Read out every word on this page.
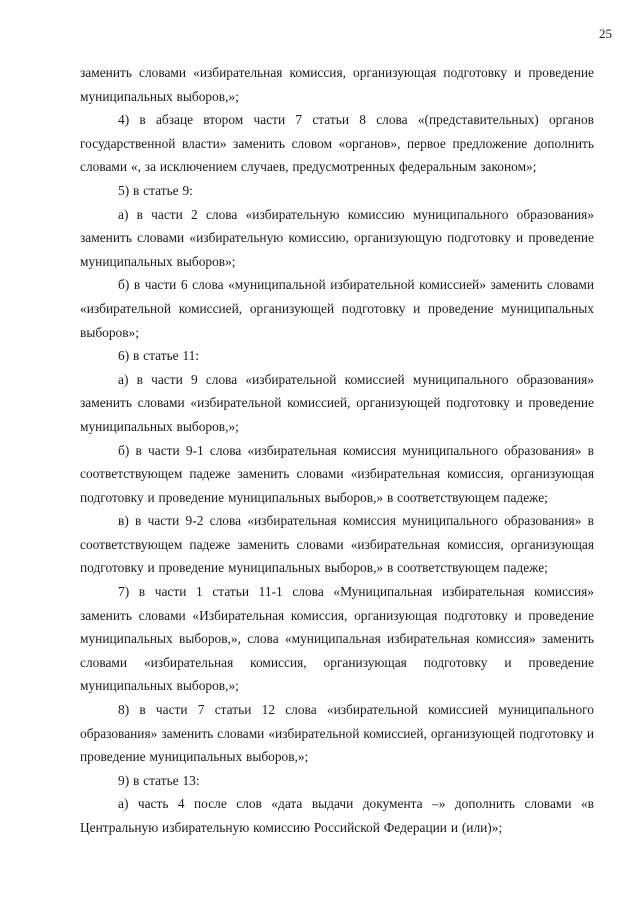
25

заменить словами «избирательная комиссия, организующая подготовку и проведение муниципальных выборов,»;

4) в абзаце втором части 7 статьи 8 слова «(представительных) органов государственной власти» заменить словом «органов», первое предложение дополнить словами «, за исключением случаев, предусмотренных федеральным законом»;

5) в статье 9:

а) в части 2 слова «избирательную комиссию муниципального образования» заменить словами «избирательную комиссию, организующую подготовку и проведение муниципальных выборов»;

б) в части 6 слова «муниципальной избирательной комиссией» заменить словами «избирательной комиссией, организующей подготовку и проведение муниципальных выборов»;

6) в статье 11:

а) в части 9 слова «избирательной комиссией муниципального образования» заменить словами «избирательной комиссией, организующей подготовку и проведение муниципальных выборов,»;

б) в части 9-1 слова «избирательная комиссия муниципального образования» в соответствующем падеже заменить словами «избирательная комиссия, организующая подготовку и проведение муниципальных выборов,» в соответствующем падеже;

в) в части 9-2 слова «избирательная комиссия муниципального образования» в соответствующем падеже заменить словами «избирательная комиссия, организующая подготовку и проведение муниципальных выборов,» в соответствующем падеже;

7) в части 1 статьи 11-1 слова «Муниципальная избирательная комиссия» заменить словами «Избирательная комиссия, организующая подготовку и проведение муниципальных выборов,», слова «муниципальная избирательная комиссия» заменить словами «избирательная комиссия, организующая подготовку и проведение муниципальных выборов,»;

8) в части 7 статьи 12 слова «избирательной комиссией муниципального образования» заменить словами «избирательной комиссией, организующей подготовку и проведение муниципальных выборов,»;

9) в статье 13:

а) часть 4 после слов «дата выдачи документа –» дополнить словами «в Центральную избирательную комиссию Российской Федерации и (или)»;
